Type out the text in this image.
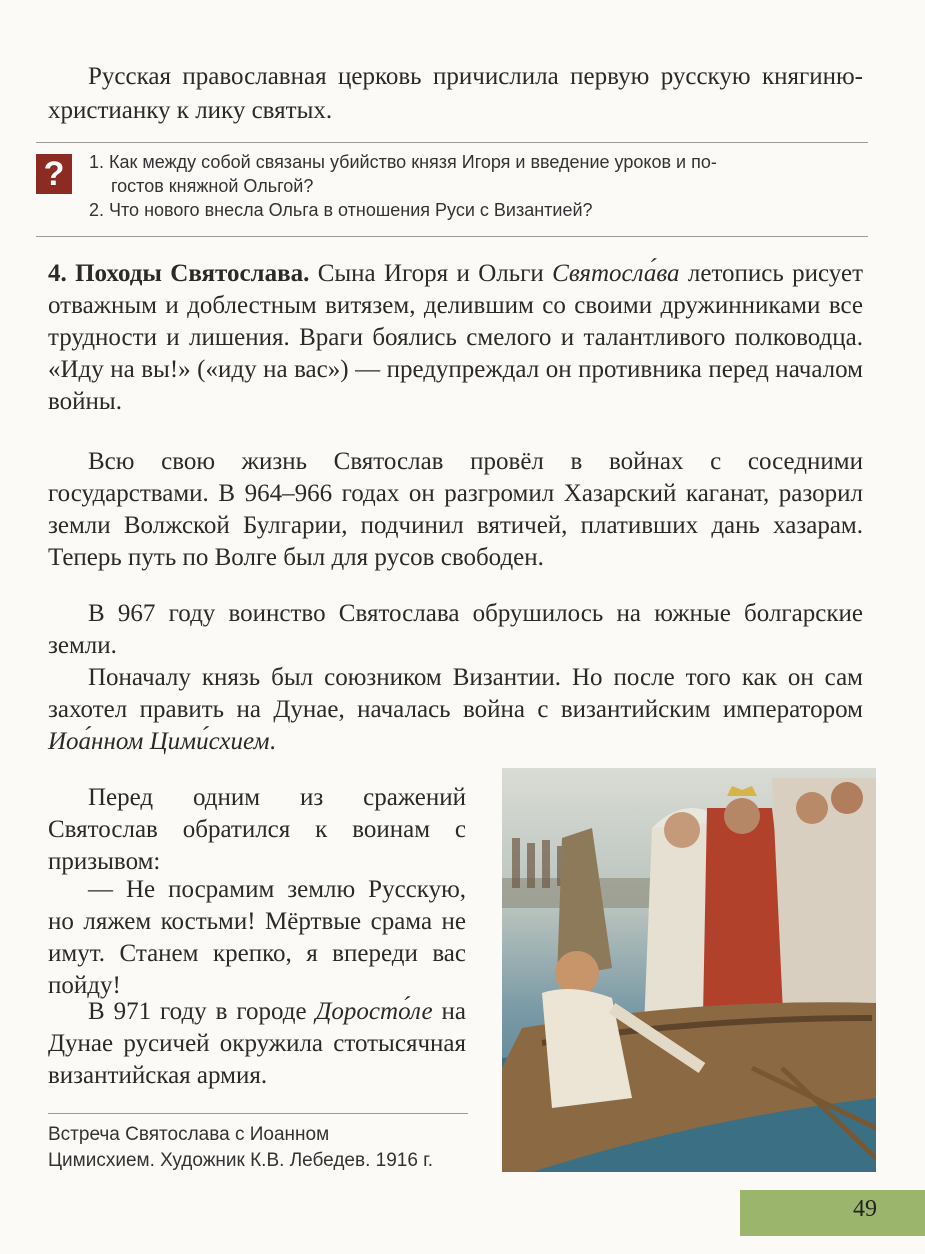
Русская православная церковь причислила первую русскую княгиню-христианку к лику святых.

?	1. Как между собой связаны убийство князя Игоря и введение уроков и по-

гостов княжной Ольгой?

2. Что нового внесла Ольга в отношения Руси с Византией?

4. Походы Святослава. Сына Игоря и Ольги Святосла́ва летопись рисует отважным и доблестным витязем, делившим со своими дружинниками все трудности и лишения. Враги боялись смелого и талантливого полководца. «Иду на вы!» («иду на вас») — предупреждал он противника перед началом войны.

Всю свою жизнь Святослав провёл в войнах с соседними государствами. В 964–966 годах он разгромил Хазарский каганат, разорил земли Волжской Булгарии, подчинил вятичей, плативших дань хазарам. Теперь путь по Волге был для русов свободен.

В 967 году воинство Святослава обрушилось на южные болгарские земли.

Поначалу князь был союзником Византии. Но после того как он сам захотел править на Дунае, началась война с византийским императором Иоа́нном Цими́схием.

Перед одним из сражений Святослав обратился к воинам с призывом:

— Не посрамим землю Русскую, но ляжем костьми! Мёртвые срама не имут. Станем крепко, я впереди вас пойду!

В 971 году в городе Доросто́ле на Дунае русичей окружила стотысячная византийская армия.

Встреча Святослава с Иоанном
Цимисхием. Художник К.В. Лебедев. 1916 г.
49
